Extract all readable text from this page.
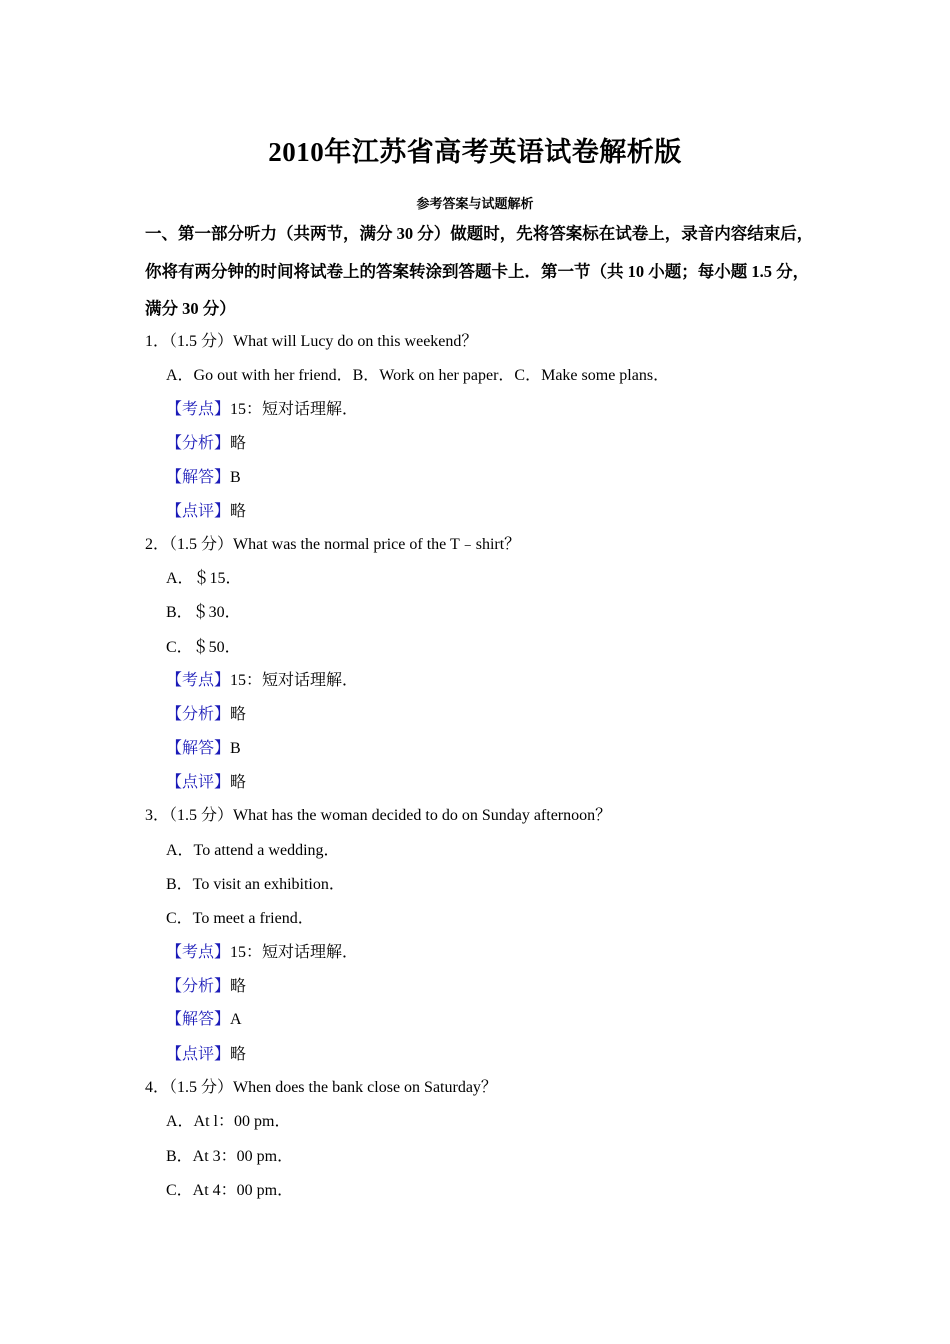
2010年江苏省高考英语试卷解析版
参考答案与试题解析
一、第一部分听力（共两节，满分 30 分）做题时，先将答案标在试卷上，录音内容结束后，你将有两分钟的时间将试卷上的答案转涂到答题卡上．第一节（共 10 小题；每小题 1.5 分，满分 30 分）
1．（1.5 分）What will Lucy do on this weekend？
A．Go out with her friend．B．Work on her paper．C．Make some plans．
【考点】15：短对话理解．
【分析】略
【解答】B
【点评】略
2．（1.5 分）What was the normal price of the T﹣shirt？
A．＄15．
B．＄30．
C．＄50．
【考点】15：短对话理解．
【分析】略
【解答】B
【点评】略
3．（1.5 分）What has the woman decided to do on Sunday afternoon？
A．To attend a wedding．
B．To visit an exhibition．
C．To meet a friend．
【考点】15：短对话理解．
【分析】略
【解答】A
【点评】略
4．（1.5 分）When does the bank close on Saturday？
A．At l：00 pm．
B．At 3：00 pm．
C．At 4：00 pm．
